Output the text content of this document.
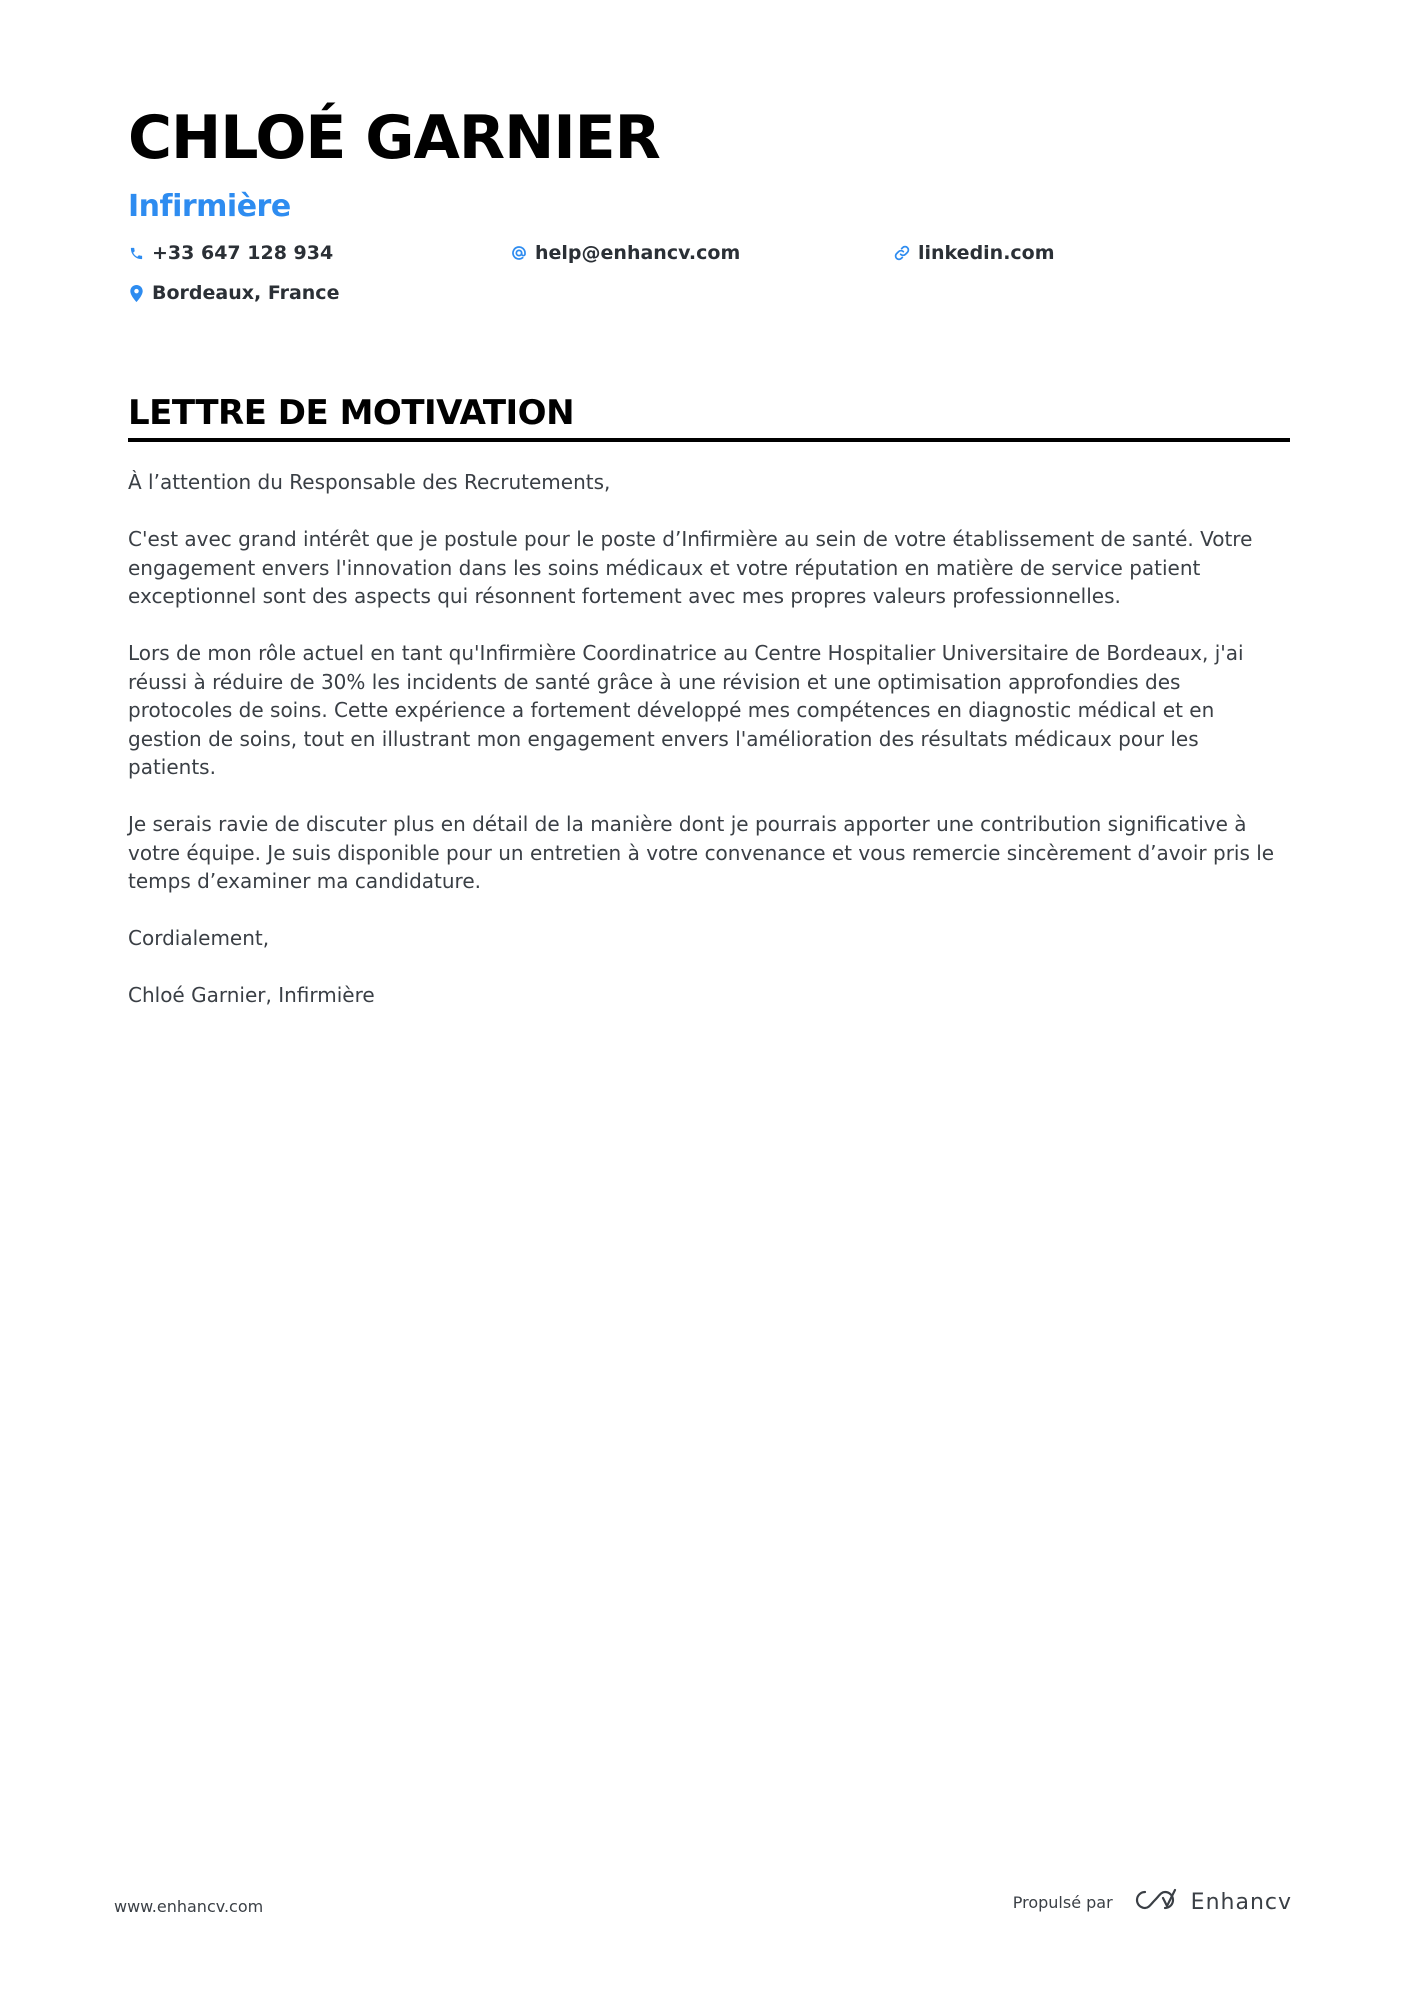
CHLOÉ GARNIER
Infirmière
+33 647 128 934	help@enhancv.com	linkedin.com
Bordeaux, France
LETTRE DE MOTIVATION

À l’attention du Responsable des Recrutements,

C'est avec grand intérêt que je postule pour le poste d’Infirmière au sein de votre établissement de santé. Votre engagement envers l'innovation dans les soins médicaux et votre réputation en matière de service patient exceptionnel sont des aspects qui résonnent fortement avec mes propres valeurs professionnelles.

Lors de mon rôle actuel en tant qu'Infirmière Coordinatrice au Centre Hospitalier Universitaire de Bordeaux, j'ai réussi à réduire de 30% les incidents de santé grâce à une révision et une optimisation approfondies des protocoles de soins. Cette expérience a fortement développé mes compétences en diagnostic médical et en gestion de soins, tout en illustrant mon engagement envers l'amélioration des résultats médicaux pour les patients.

Je serais ravie de discuter plus en détail de la manière dont je pourrais apporter une contribution significative à votre équipe. Je suis disponible pour un entretien à votre convenance et vous remercie sincèrement d’avoir pris le temps d’examiner ma candidature.

Cordialement,

Chloé Garnier, Infirmière

www.enhancv.com	Propulsé par	Enhancv
